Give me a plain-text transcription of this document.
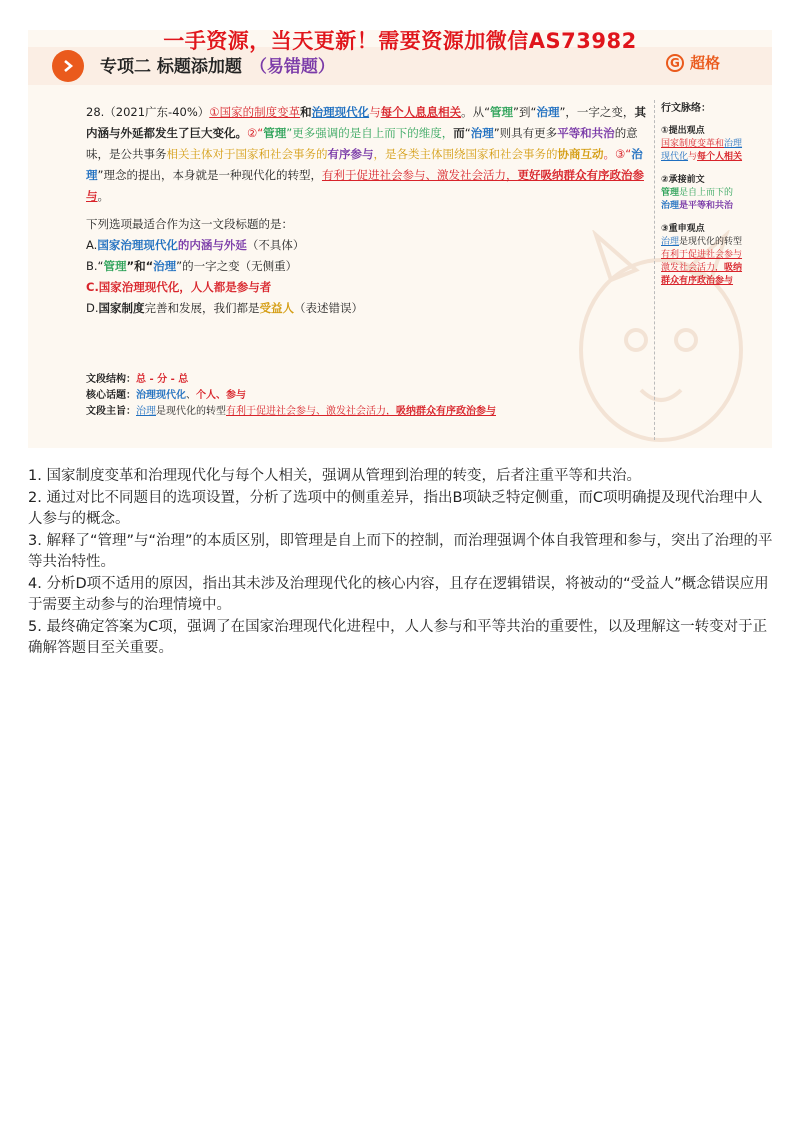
一手资源，当天更新！需要资源加微信AS73982
专项二 标题添加题 （易错题）	G 超格

28.（2021广东-40%）①国家的制度变革和治理现代化与每个人息息相关。从“管理”到“治理”，一字之变，其内涵与外延都发生了巨大变化。②“管理”更多强调的是自上而下的维度，而“治理”则具有更多平等和共治的意味，是公共事务相关主体对于国家和社会事务的有序参与，是各类主体围绕国家和社会事务的协商互动。③“治理”理念的提出，本身就是一种现代化的转型，有利于促进社会参与、激发社会活力，更好吸纳群众有序政治参与。

下列选项最适合作为这一文段标题的是：

A.国家治理现代化的内涵与外延（不具体）

B.“管理”和“治理”的一字之变（无侧重）

C.国家治理现代化，人人都是参与者

D.国家制度完善和发展，我们都是受益人（表述错误）

文段结构：总 - 分 - 总

核心话题：治理现代化、个人、参与

文段主旨：治理是现代化的转型有利于促进社会参与、激发社会活力，吸纳群众有序政治参与

行文脉络：

①提出观点

国家制度变革和治理

现代化与每个人相关

②承接前文

管理是自上而下的

治理是平等和共治

③重申观点

治理是现代化的转型

有利于促进社会参与

激发社会活力，吸纳

群众有序政治参与

1. 国家制度变革和治理现代化与每个人相关，强调从管理到治理的转变，后者注重平等和共治。

2. 通过对比不同题目的选项设置，分析了选项中的侧重差异，指出B项缺乏特定侧重，而C项明确提及现代治理中人人参与的概念。

3. 解释了“管理”与“治理”的本质区别，即管理是自上而下的控制，而治理强调个体自我管理和参与，突出了治理的平等共治特性。

4. 分析D项不适用的原因，指出其未涉及治理现代化的核心内容，且存在逻辑错误，将被动的“受益人”概念错误应用于需要主动参与的治理情境中。

5. 最终确定答案为C项，强调了在国家治理现代化进程中，人人参与和平等共治的重要性，以及理解这一转变对于正确解答题目至关重要。
